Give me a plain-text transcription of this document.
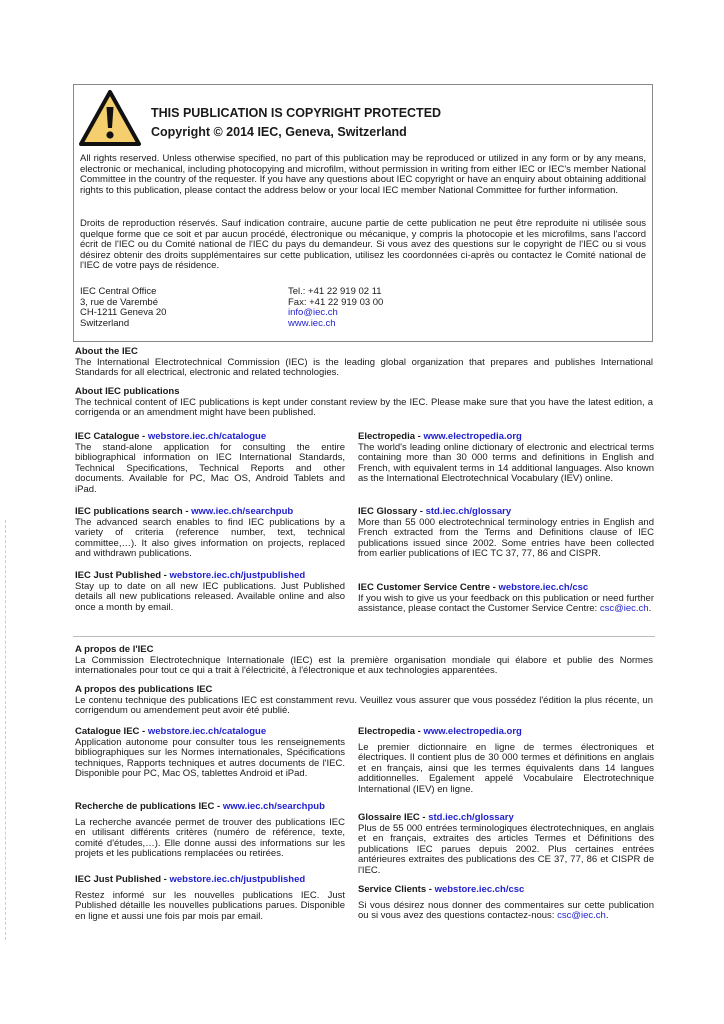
THIS PUBLICATION IS COPYRIGHT PROTECTED
Copyright © 2014 IEC, Geneva, Switzerland
All rights reserved. Unless otherwise specified, no part of this publication may be reproduced or utilized in any form or by any means, electronic or mechanical, including photocopying and microfilm, without permission in writing from either IEC or IEC's member National Committee in the country of the requester. If you have any questions about IEC copyright or have an enquiry about obtaining additional rights to this publication, please contact the address below or your local IEC member National Committee for further information.
Droits de reproduction réservés. Sauf indication contraire, aucune partie de cette publication ne peut être reproduite ni utilisée sous quelque forme que ce soit et par aucun procédé, électronique ou mécanique, y compris la photocopie et les microfilms, sans l'accord écrit de l'IEC ou du Comité national de l'IEC du pays du demandeur. Si vous avez des questions sur le copyright de l'IEC ou si vous désirez obtenir des droits supplémentaires sur cette publication, utilisez les coordonnées ci-après ou contactez le Comité national de l'IEC de votre pays de résidence.
IEC Central Office
3, rue de Varembé
CH-1211 Geneva 20
Switzerland
Tel.: +41 22 919 02 11
Fax: +41 22 919 03 00
info@iec.ch
www.iec.ch
About the IEC
The International Electrotechnical Commission (IEC) is the leading global organization that prepares and publishes International Standards for all electrical, electronic and related technologies.
About IEC publications
The technical content of IEC publications is kept under constant review by the IEC. Please make sure that you have the latest edition, a corrigenda or an amendment might have been published.
IEC Catalogue - webstore.iec.ch/catalogue
The stand-alone application for consulting the entire bibliographical information on IEC International Standards, Technical Specifications, Technical Reports and other documents. Available for PC, Mac OS, Android Tablets and iPad.
IEC publications search - www.iec.ch/searchpub
The advanced search enables to find IEC publications by a variety of criteria (reference number, text, technical committee,…). It also gives information on projects, replaced and withdrawn publications.
IEC Just Published - webstore.iec.ch/justpublished
Stay up to date on all new IEC publications. Just Published details all new publications released. Available online and also once a month by email.
Electropedia - www.electropedia.org
The world's leading online dictionary of electronic and electrical terms containing more than 30 000 terms and definitions in English and French, with equivalent terms in 14 additional languages. Also known as the International Electrotechnical Vocabulary (IEV) online.
IEC Glossary - std.iec.ch/glossary
More than 55 000 electrotechnical terminology entries in English and French extracted from the Terms and Definitions clause of IEC publications issued since 2002. Some entries have been collected from earlier publications of IEC TC 37, 77, 86 and CISPR.
IEC Customer Service Centre - webstore.iec.ch/csc
If you wish to give us your feedback on this publication or need further assistance, please contact the Customer Service Centre: csc@iec.ch.
A propos de l'IEC
La Commission Electrotechnique Internationale (IEC) est la première organisation mondiale qui élabore et publie des Normes internationales pour tout ce qui a trait à l'électricité, à l'électronique et aux technologies apparentées.
A propos des publications IEC
Le contenu technique des publications IEC est constamment revu. Veuillez vous assurer que vous possédez l'édition la plus récente, un corrigendum ou amendement peut avoir été publié.
Catalogue IEC - webstore.iec.ch/catalogue
Application autonome pour consulter tous les renseignements bibliographiques sur les Normes internationales, Spécifications techniques, Rapports techniques et autres documents de l'IEC. Disponible pour PC, Mac OS, tablettes Android et iPad.
Recherche de publications IEC - www.iec.ch/searchpub
La recherche avancée permet de trouver des publications IEC en utilisant différents critères (numéro de référence, texte, comité d'études,…). Elle donne aussi des informations sur les projets et les publications remplacées ou retirées.
IEC Just Published - webstore.iec.ch/justpublished
Restez informé sur les nouvelles publications IEC. Just Published détaille les nouvelles publications parues. Disponible en ligne et aussi une fois par mois par email.
Electropedia - www.electropedia.org
Le premier dictionnaire en ligne de termes électroniques et électriques. Il contient plus de 30 000 termes et définitions en anglais et en français, ainsi que les termes équivalents dans 14 langues additionnelles. Egalement appelé Vocabulaire Electrotechnique International (IEV) en ligne.
Glossaire IEC - std.iec.ch/glossary
Plus de 55 000 entrées terminologiques électrotechniques, en anglais et en français, extraites des articles Termes et Définitions des publications IEC parues depuis 2002. Plus certaines entrées antérieures extraites des publications des CE 37, 77, 86 et CISPR de l'IEC.
Service Clients - webstore.iec.ch/csc
Si vous désirez nous donner des commentaires sur cette publication ou si vous avez des questions contactez-nous: csc@iec.ch.
